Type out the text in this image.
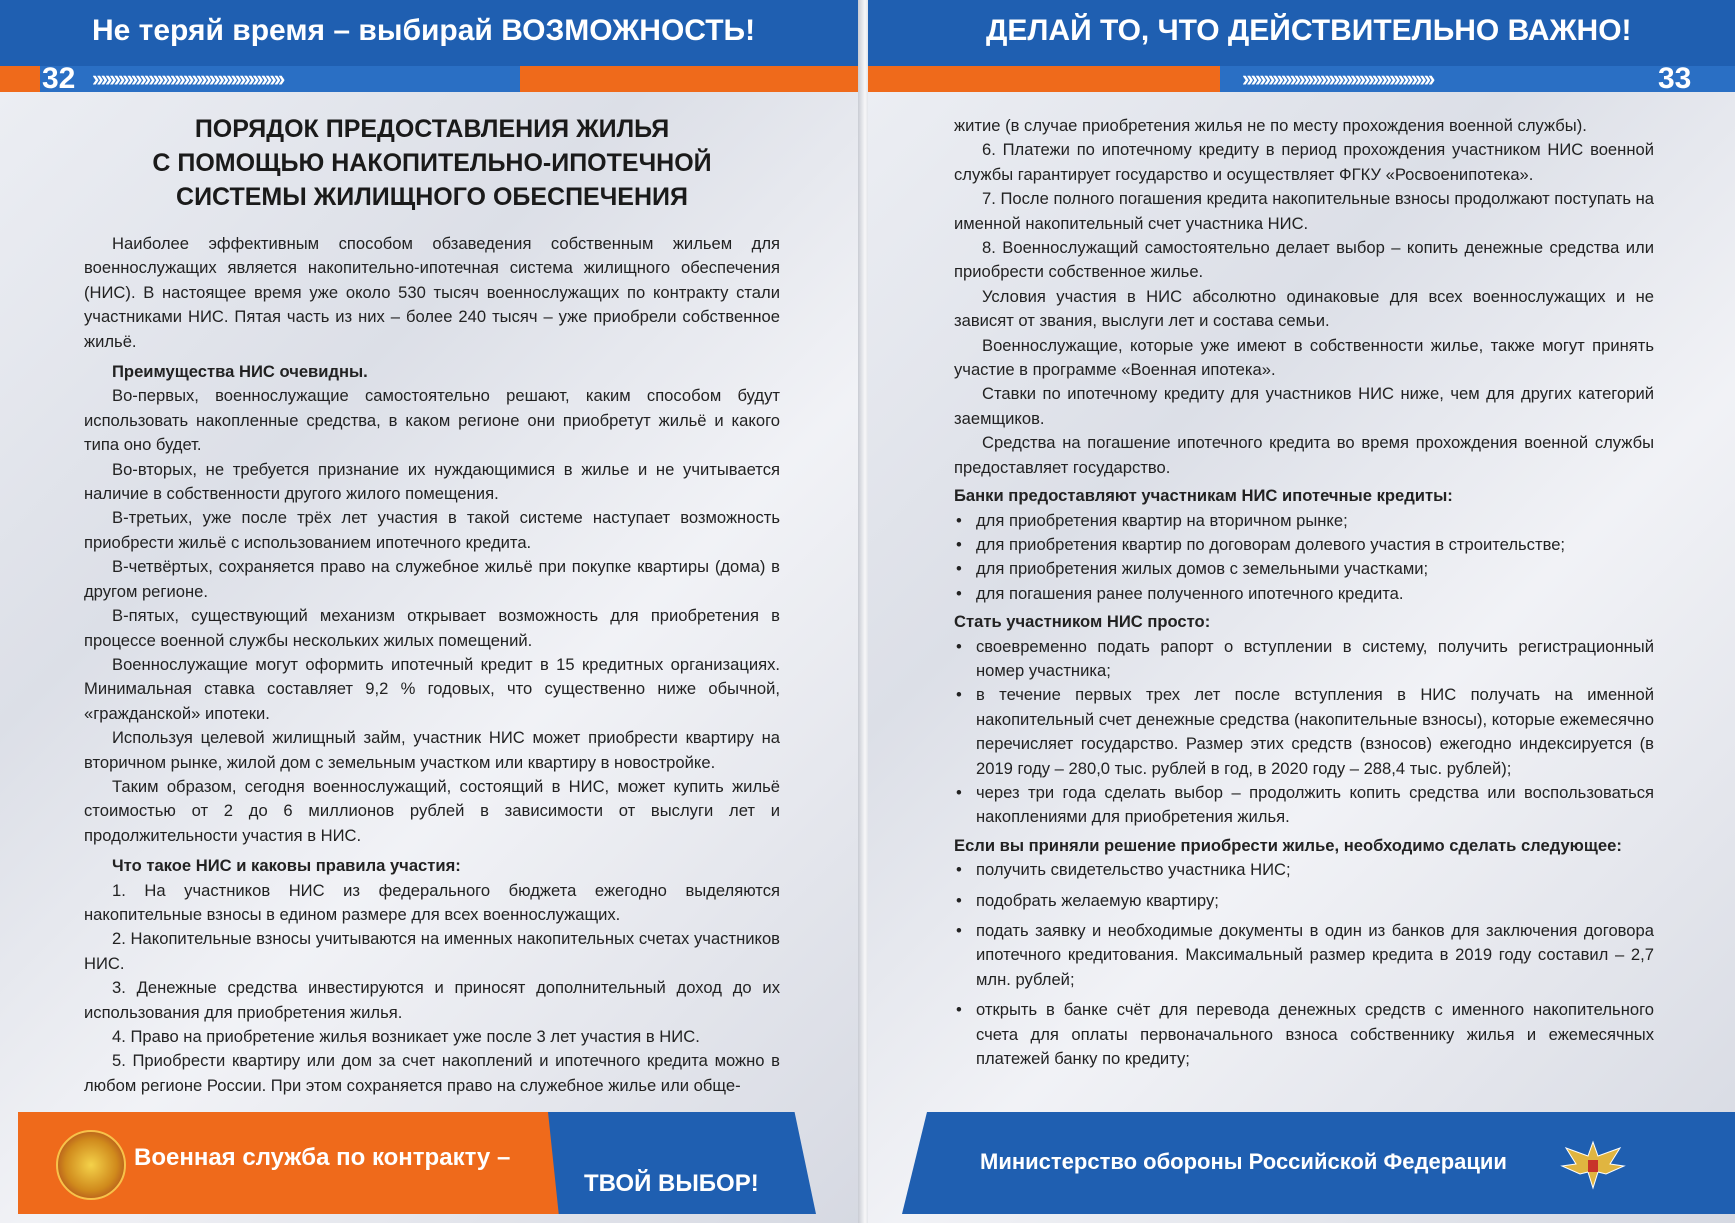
Не теряй время – выбирай ВОЗМОЖНОСТЬ!
››››››››››››››››››››››››››››››››››››››››››››
32
ПОРЯДОК ПРЕДОСТАВЛЕНИЯ ЖИЛЬЯ
С ПОМОЩЬЮ НАКОПИТЕЛЬНО-ИПОТЕЧНОЙ
СИСТЕМЫ ЖИЛИЩНОГО ОБЕСПЕЧЕНИЯ

Наиболее эффективным способом обзаведения собственным жильем для военнослужащих является накопительно-ипотечная система жилищного обеспечения (НИС). В настоящее время уже около 530 тысяч военнослужащих по контракту стали участниками НИС. Пятая часть из них – более 240 тысяч – уже приобрели собственное жильё.

Преимущества НИС очевидны.

Во-первых, военнослужащие самостоятельно решают, каким способом будут использовать накопленные средства, в каком регионе они приобретут жильё и какого типа оно будет.

Во-вторых, не требуется признание их нуждающимися в жилье и не учитывается наличие в собственности другого жилого помещения.

В-третьих, уже после трёх лет участия в такой системе наступает возможность приобрести жильё с использованием ипотечного кредита.

В-четвёртых, сохраняется право на служебное жильё при покупке квартиры (дома) в другом регионе.

В-пятых, существующий механизм открывает возможность для приобретения в процессе военной службы нескольких жилых помещений.

Военнослужащие могут оформить ипотечный кредит в 15 кредитных организациях. Минимальная ставка составляет 9,2 % годовых, что существенно ниже обычной, «гражданской» ипотеки.

Используя целевой жилищный займ, участник НИС может приобрести квартиру на вторичном рынке, жилой дом с земельным участком или квартиру в новостройке.

Таким образом, сегодня военнослужащий, состоящий в НИС, может купить жильё стоимостью от 2 до 6 миллионов рублей в зависимости от выслуги лет и продолжительности участия в НИС.

Что такое НИС и каковы правила участия:

1. На участников НИС из федерального бюджета ежегодно выделяются накопительные взносы в едином размере для всех военнослужащих.

2. Накопительные взносы учитываются на именных накопительных счетах участников НИС.

3. Денежные средства инвестируются и приносят дополнительный доход до их использования для приобретения жилья.

4. Право на приобретение жилья возникает уже после 3 лет участия в НИС.

5. Приобрести квартиру или дом за счет накоплений и ипотечного кредита можно в любом регионе России. При этом сохраняется право на служебное жилье или обще-

Военная служба по контракту –
ТВОЙ ВЫБОР!
ДЕЛАЙ ТО, ЧТО ДЕЙСТВИТЕЛЬНО ВАЖНО!
››››››››››››››››››››››››››››››››››››››››››››	33

житие (в случае приобретения жилья не по месту прохождения военной службы).

6. Платежи по ипотечному кредиту в период прохождения участником НИС военной службы гарантирует государство и осуществляет ФГКУ «Росвоенипотека».

7. После полного погашения кредита накопительные взносы продолжают поступать на именной накопительный счет участника НИС.

8. Военнослужащий самостоятельно делает выбор – копить денежные средства или приобрести собственное жилье.

Условия участия в НИС абсолютно одинаковые для всех военнослужащих и не зависят от звания, выслуги лет и состава семьи.

Военнослужащие, которые уже имеют в собственности жилье, также могут принять участие в программе «Военная ипотека».

Ставки по ипотечному кредиту для участников НИС ниже, чем для других категорий заемщиков.

Средства на погашение ипотечного кредита во время прохождения военной службы предоставляет государство.

Банки предоставляют участникам НИС ипотечные кредиты:
• для приобретения квартир на вторичном рынке;
• для приобретения квартир по договорам долевого участия в строительстве;
• для приобретения жилых домов с земельными участками;
• для погашения ранее полученного ипотечного кредита.
Стать участником НИС просто:
• своевременно подать рапорт о вступлении в систему, получить регистрационный номер участника;
• в течение первых трех лет после вступления в НИС получать на именной накопительный счет денежные средства (накопительные взносы), которые ежемесячно перечисляет государство. Размер этих средств (взносов) ежегодно индексируется (в 2019 году – 280,0 тыс. рублей в год, в 2020 году – 288,4 тыс. рублей);
• через три года сделать выбор – продолжить копить средства или воспользоваться накоплениями для приобретения жилья.
Если вы приняли решение приобрести жилье, необходимо сделать следующее:
• получить свидетельство участника НИС;
• подобрать желаемую квартиру;
• подать заявку и необходимые документы в один из банков для заключения договора ипотечного кредитования. Максимальный размер кредита в 2019 году составил – 2,7 млн. рублей;
• открыть в банке счёт для перевода денежных средств с именного накопительного счета для оплаты первоначального взноса собственнику жилья и ежемесячных платежей банку по кредиту;
Министерство обороны Российской Федерации
